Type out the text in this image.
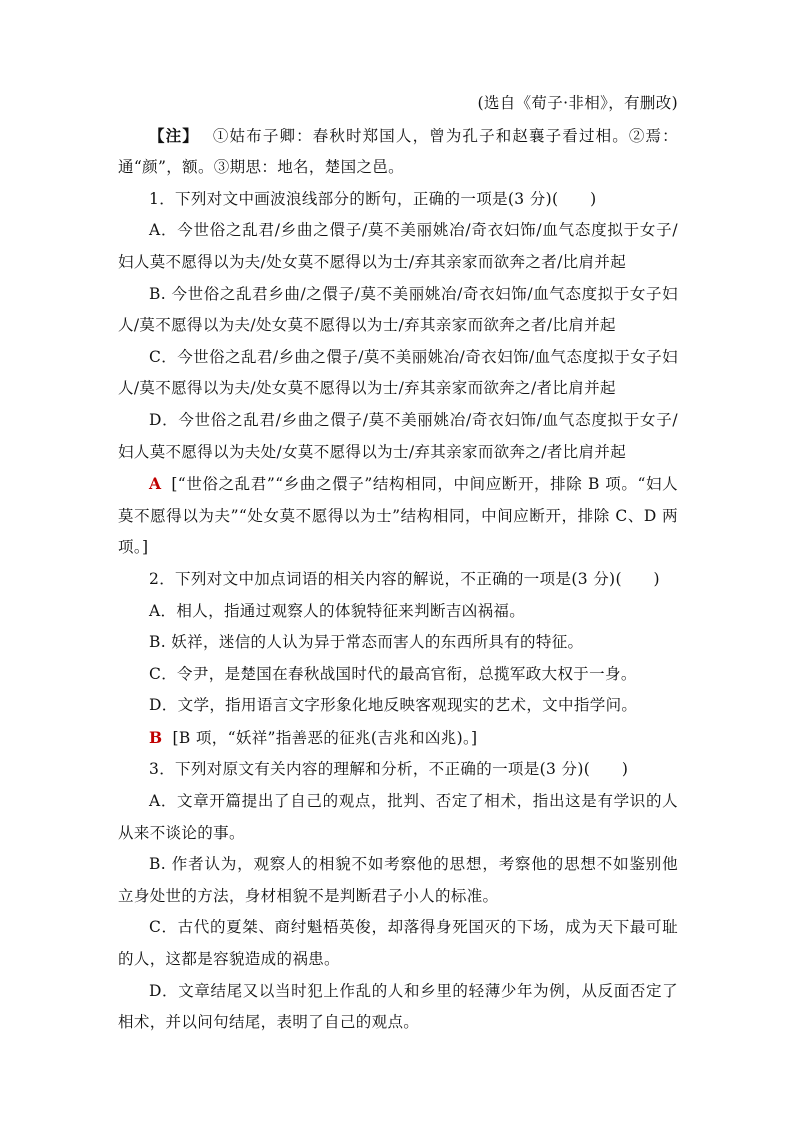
(选自《荀子·非相》，有删改)

【注】 ①姑布子卿：春秋时郑国人，曾为孔子和赵襄子看过相。②焉：通“颜”，额。③期思：地名，楚国之邑。

1．下列对文中画波浪线部分的断句，正确的一项是(3 分)(　　)

A．今世俗之乱君/乡曲之儇子/莫不美丽姚冶/奇衣妇饰/血气态度拟于女子/妇人莫不愿得以为夫/处女莫不愿得以为士/弃其亲家而欲奔之者/比肩并起

B. 今世俗之乱君乡曲/之儇子/莫不美丽姚冶/奇衣妇饰/血气态度拟于女子妇人/莫不愿得以为夫/处女莫不愿得以为士/弃其亲家而欲奔之者/比肩并起

C．今世俗之乱君/乡曲之儇子/莫不美丽姚冶/奇衣妇饰/血气态度拟于女子妇人/莫不愿得以为夫/处女莫不愿得以为士/弃其亲家而欲奔之/者比肩并起

D．今世俗之乱君/乡曲之儇子/莫不美丽姚冶/奇衣妇饰/血气态度拟于女子/妇人莫不愿得以为夫处/女莫不愿得以为士/弃其亲家而欲奔之/者比肩并起

A [“世俗之乱君”“乡曲之儇子”结构相同，中间应断开，排除 B 项。“妇人莫不愿得以为夫”“处女莫不愿得以为士”结构相同，中间应断开，排除 C、D 两项。]

2．下列对文中加点词语的相关内容的解说，不正确的一项是(3 分)(　　)

A．相人，指通过观察人的体貌特征来判断吉凶祸福。

B. 妖祥，迷信的人认为异于常态而害人的东西所具有的特征。

C．令尹，是楚国在春秋战国时代的最高官衔，总揽军政大权于一身。

D．文学，指用语言文字形象化地反映客观现实的艺术，文中指学问。

B [B 项，“妖祥”指善恶的征兆(吉兆和凶兆)。]

3．下列对原文有关内容的理解和分析，不正确的一项是(3 分)(　　)

A．文章开篇提出了自己的观点，批判、否定了相术，指出这是有学识的人从来不谈论的事。

B. 作者认为，观察人的相貌不如考察他的思想，考察他的思想不如鉴别他立身处世的方法，身材相貌不是判断君子小人的标准。

C．古代的夏桀、商纣魁梧英俊，却落得身死国灭的下场，成为天下最可耻的人，这都是容貌造成的祸患。

D．文章结尾又以当时犯上作乱的人和乡里的轻薄少年为例，从反面否定了相术，并以问句结尾，表明了自己的观点。
